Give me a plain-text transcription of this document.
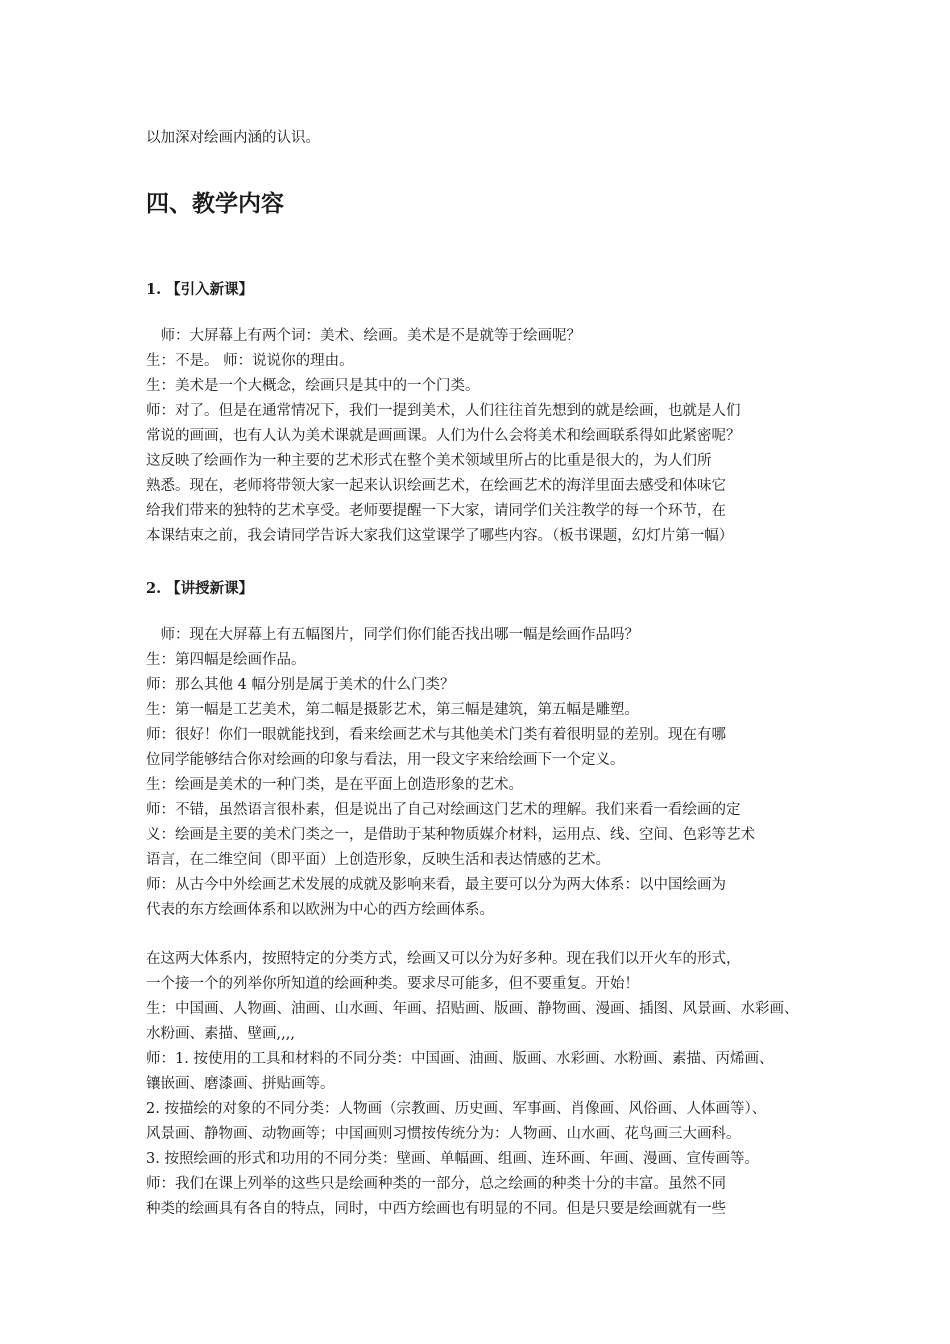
以加深对绘画内涵的认识。
四、教学内容
1. 【引入新课】
　师：大屏幕上有两个词：美术、绘画。美术是不是就等于绘画呢？
生：不是。 师：说说你的理由。
生：美术是一个大概念，绘画只是其中的一个门类。
师：对了。但是在通常情况下，我们一提到美术，人们往往首先想到的就是绘画，也就是人们
常说的画画，也有人认为美术课就是画画课。人们为什么会将美术和绘画联系得如此紧密呢？
这反映了绘画作为一种主要的艺术形式在整个美术领域里所占的比重是很大的，为人们所
熟悉。现在，老师将带领大家一起来认识绘画艺术，在绘画艺术的海洋里面去感受和体味它
给我们带来的独特的艺术享受。老师要提醒一下大家，请同学们关注教学的每一个环节，在
本课结束之前，我会请同学告诉大家我们这堂课学了哪些内容。（板书课题，幻灯片第一幅）
2. 【讲授新课】
　师：现在大屏幕上有五幅图片，同学们你们能否找出哪一幅是绘画作品吗？
生：第四幅是绘画作品。
师：那么其他 4 幅分别是属于美术的什么门类？
生：第一幅是工艺美术，第二幅是摄影艺术，第三幅是建筑，第五幅是雕塑。
师：很好！你们一眼就能找到，看来绘画艺术与其他美术门类有着很明显的差别。现在有哪
位同学能够结合你对绘画的印象与看法，用一段文字来给绘画下一个定义。
生：绘画是美术的一种门类，是在平面上创造形象的艺术。
师：不错，虽然语言很朴素，但是说出了自己对绘画这门艺术的理解。我们来看一看绘画的定
义：绘画是主要的美术门类之一，是借助于某种物质媒介材料，运用点、线、空间、色彩等艺术
语言，在二维空间（即平面）上创造形象，反映生活和表达情感的艺术。
师：从古今中外绘画艺术发展的成就及影响来看，最主要可以分为两大体系：以中国绘画为
代表的东方绘画体系和以欧洲为中心的西方绘画体系。
在这两大体系内，按照特定的分类方式，绘画又可以分为好多种。现在我们以开火车的形式，
一个接一个的列举你所知道的绘画种类。要求尽可能多，但不要重复。开始！
生：中国画、人物画、油画、山水画、年画、招贴画、版画、静物画、漫画、插图、风景画、水彩画、
水粉画、素描、壁画,,,,
师：1. 按使用的工具和材料的不同分类：中国画、油画、版画、水彩画、水粉画、素描、丙烯画、
镶嵌画、磨漆画、拼贴画等。
2. 按描绘的对象的不同分类：人物画（宗教画、历史画、军事画、肖像画、风俗画、人体画等）、
风景画、静物画、动物画等；中国画则习惯按传统分为：人物画、山水画、花鸟画三大画科。
3. 按照绘画的形式和功用的不同分类：壁画、单幅画、组画、连环画、年画、漫画、宣传画等。
师：我们在课上列举的这些只是绘画种类的一部分，总之绘画的种类十分的丰富。虽然不同
种类的绘画具有各自的特点，同时，中西方绘画也有明显的不同。但是只要是绘画就有一些
